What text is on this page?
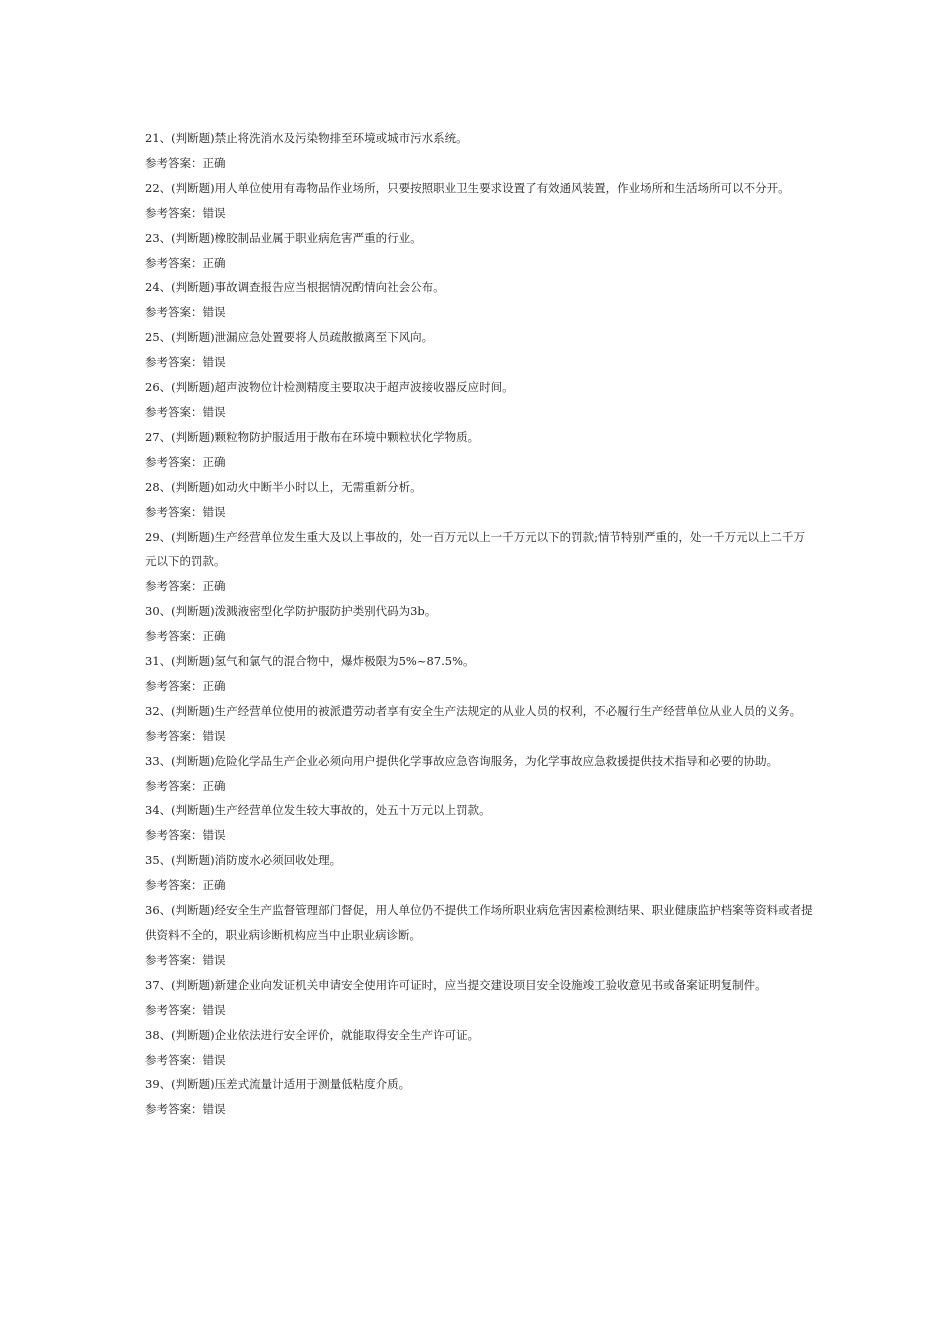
21、(判断题)禁止将洗消水及污染物排至环境或城市污水系统。

参考答案：正确

22、(判断题)用人单位使用有毒物品作业场所，只要按照职业卫生要求设置了有效通风装置，作业场所和生活场所可以不分开。

参考答案：错误

23、(判断题)橡胶制品业属于职业病危害严重的行业。

参考答案：正确

24、(判断题)事故调查报告应当根据情况酌情向社会公布。

参考答案：错误

25、(判断题)泄漏应急处置要将人员疏散撤离至下风向。

参考答案：错误

26、(判断题)超声波物位计检测精度主要取决于超声波接收器反应时间。

参考答案：错误

27、(判断题)颗粒物防护服适用于散布在环境中颗粒状化学物质。

参考答案：正确

28、(判断题)如动火中断半小时以上，无需重新分析。

参考答案：错误

29、(判断题)生产经营单位发生重大及以上事故的，处一百万元以上一千万元以下的罚款;情节特别严重的，处一千万元以上二千万元以下的罚款。

参考答案：正确

30、(判断题)泼溅液密型化学防护服防护类别代码为3b。

参考答案：正确

31、(判断题)氢气和氯气的混合物中，爆炸极限为5%~87.5%。

参考答案：正确

32、(判断题)生产经营单位使用的被派遣劳动者享有安全生产法规定的从业人员的权利，不必履行生产经营单位从业人员的义务。

参考答案：错误

33、(判断题)危险化学品生产企业必须向用户提供化学事故应急咨询服务，为化学事故应急救援提供技术指导和必要的协助。

参考答案：正确

34、(判断题)生产经营单位发生较大事故的，处五十万元以上罚款。

参考答案：错误

35、(判断题)消防废水必须回收处理。

参考答案：正确

36、(判断题)经安全生产监督管理部门督促，用人单位仍不提供工作场所职业病危害因素检测结果、职业健康监护档案等资料或者提供资料不全的，职业病诊断机构应当中止职业病诊断。

参考答案：错误

37、(判断题)新建企业向发证机关申请安全使用许可证时，应当提交建设项目安全设施竣工验收意见书或备案证明复制件。

参考答案：错误

38、(判断题)企业依法进行安全评价，就能取得安全生产许可证。

参考答案：错误

39、(判断题)压差式流量计适用于测量低粘度介质。

参考答案：错误
